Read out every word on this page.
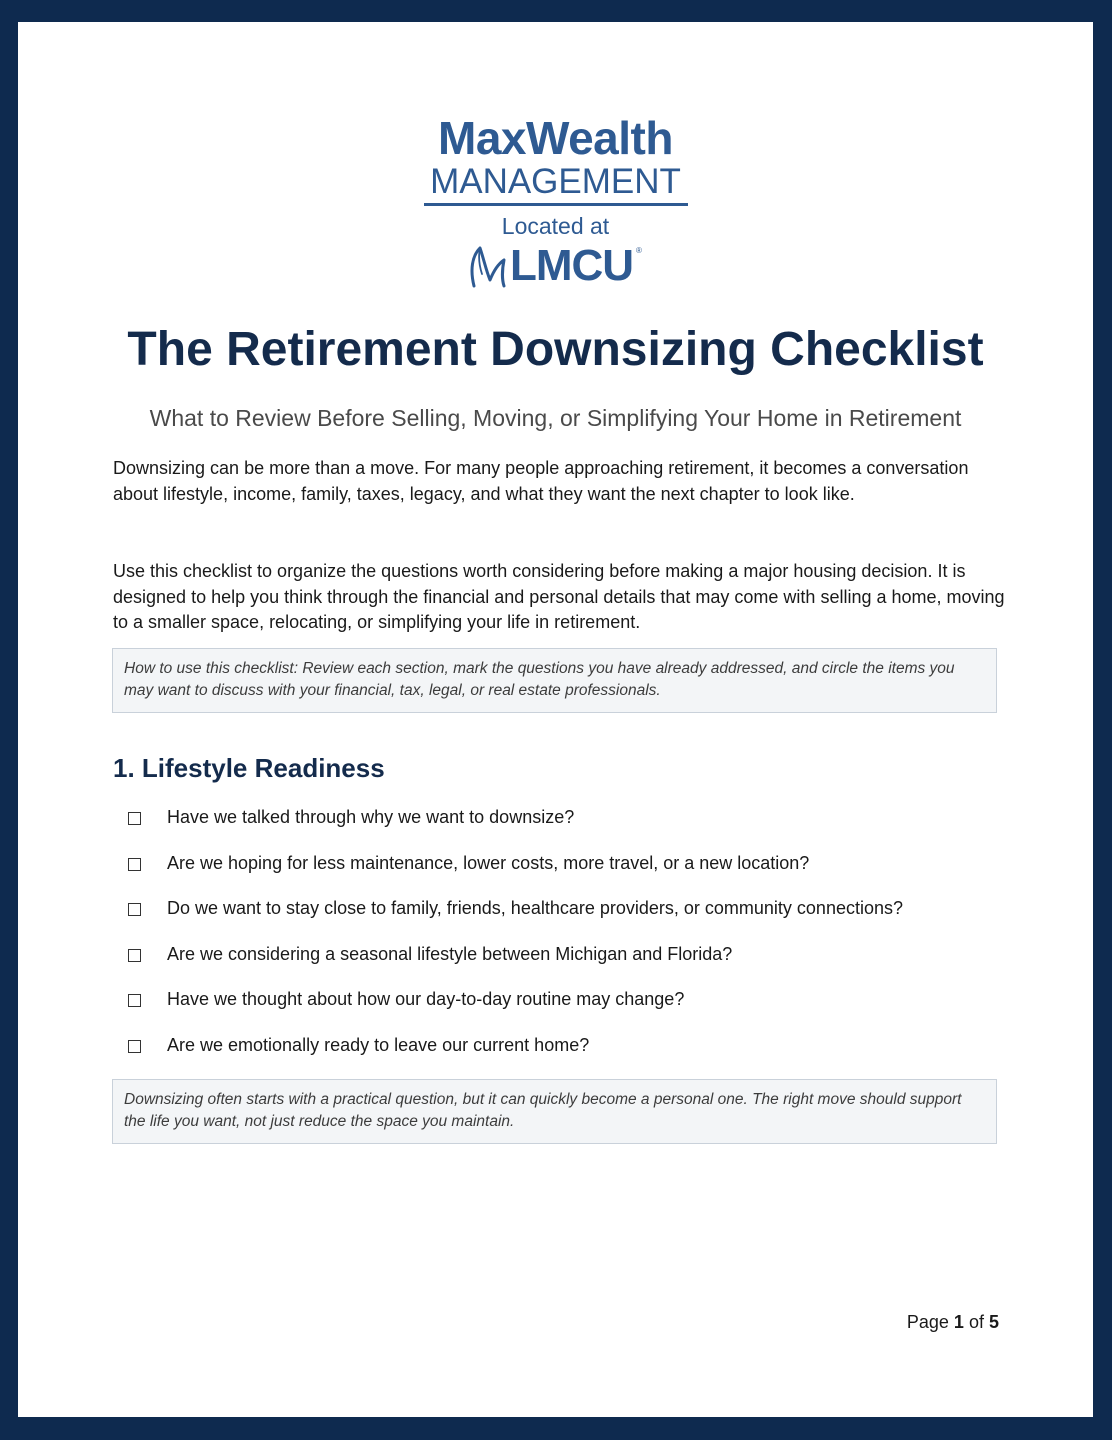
MaxWealth
MANAGEMENT
Located at
LMCU ®
The Retirement Downsizing Checklist
What to Review Before Selling, Moving, or Simplifying Your Home in Retirement

Downsizing can be more than a move. For many people approaching retirement, it becomes a conversation about lifestyle, income, family, taxes, legacy, and what they want the next chapter to look like.

Use this checklist to organize the questions worth considering before making a major housing decision. It is designed to help you think through the financial and personal details that may come with selling a home, moving to a smaller space, relocating, or simplifying your life in retirement.

How to use this checklist: Review each section, mark the questions you have already addressed, and circle the items you may want to discuss with your financial, tax, legal, or real estate professionals.
1. Lifestyle Readiness
Have we talked through why we want to downsize?
Are we hoping for less maintenance, lower costs, more travel, or a new location?
Do we want to stay close to family, friends, healthcare providers, or community connections?
Are we considering a seasonal lifestyle between Michigan and Florida?
Have we thought about how our day-to-day routine may change?
Are we emotionally ready to leave our current home?
Downsizing often starts with a practical question, but it can quickly become a personal one. The right move should support the life you want, not just reduce the space you maintain.
Page 1 of 5
